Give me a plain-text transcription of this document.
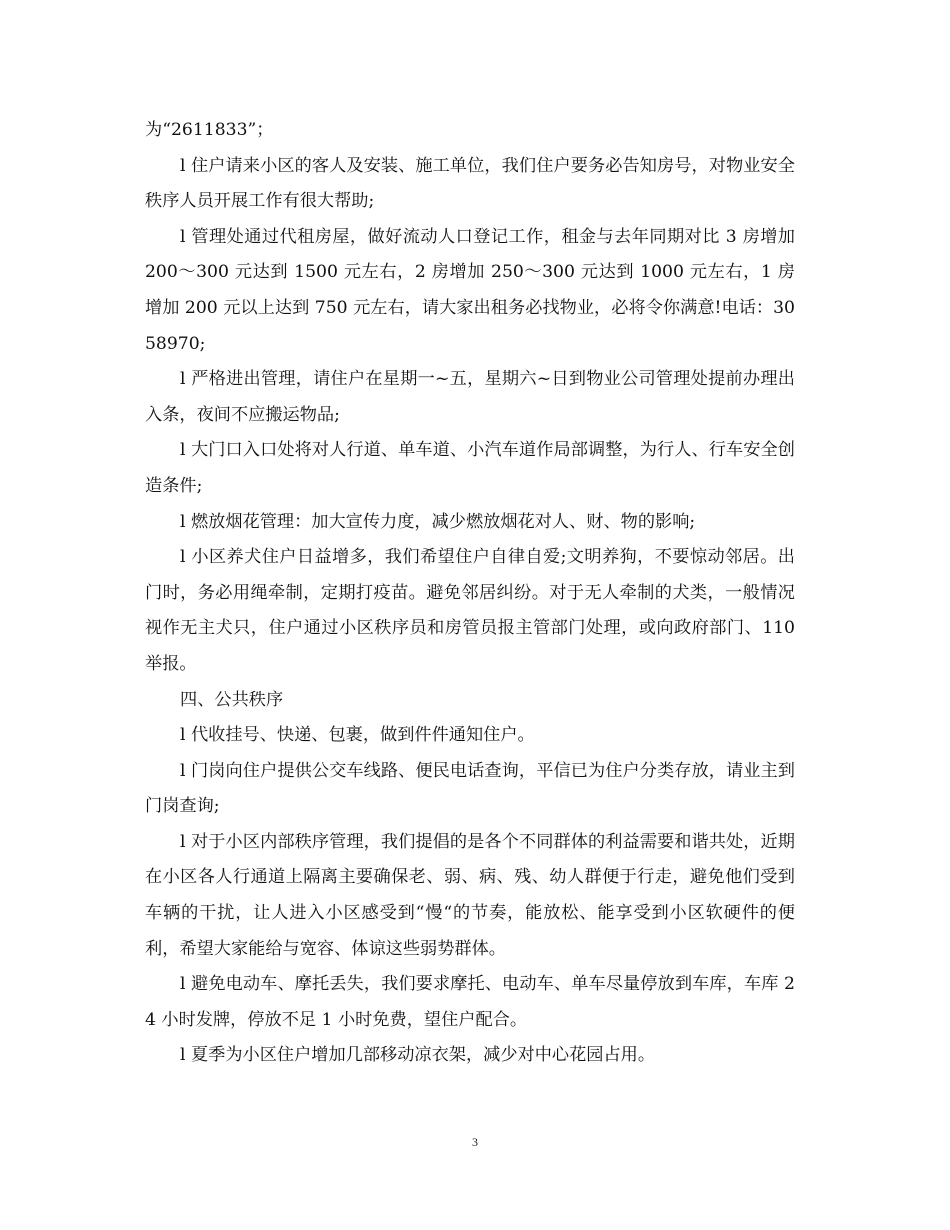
为“2611833”；

l 住户请来小区的客人及安装、施工单位，我们住户要务必告知房号，对物业安全秩序人员开展工作有很大帮助;

l 管理处通过代租房屋，做好流动人口登记工作，租金与去年同期对比 3 房增加 200～300 元达到 1500 元左右，2 房增加 250～300 元达到 1000 元左右，1 房增加 200 元以上达到 750 元左右，请大家出租务必找物业，必将令你满意!电话：3058970;

l 严格进出管理，请住户在星期一~五，星期六~日到物业公司管理处提前办理出入条，夜间不应搬运物品;

l 大门口入口处将对人行道、单车道、小汽车道作局部调整，为行人、行车安全创造条件;

l 燃放烟花管理：加大宣传力度，减少燃放烟花对人、财、物的影响;

l 小区养犬住户日益增多，我们希望住户自律自爱;文明养狗，不要惊动邻居。出门时，务必用绳牵制，定期打疫苗。避免邻居纠纷。对于无人牵制的犬类，一般情况视作无主犬只，住户通过小区秩序员和房管员报主管部门处理，或向政府部门、110 举报。

四、公共秩序

l 代收挂号、快递、包裹，做到件件通知住户。

l 门岗向住户提供公交车线路、便民电话查询，平信已为住户分类存放，请业主到门岗查询;

l 对于小区内部秩序管理，我们提倡的是各个不同群体的利益需要和谐共处，近期在小区各人行通道上隔离主要确保老、弱、病、残、幼人群便于行走，避免他们受到车辆的干扰，让人进入小区感受到“慢“的节奏，能放松、能享受到小区软硬件的便利，希望大家能给与宽容、体谅这些弱势群体。

l 避免电动车、摩托丢失，我们要求摩托、电动车、单车尽量停放到车库，车库 24 小时发牌，停放不足 1 小时免费，望住户配合。

l 夏季为小区住户增加几部移动凉衣架，减少对中心花园占用。

3
